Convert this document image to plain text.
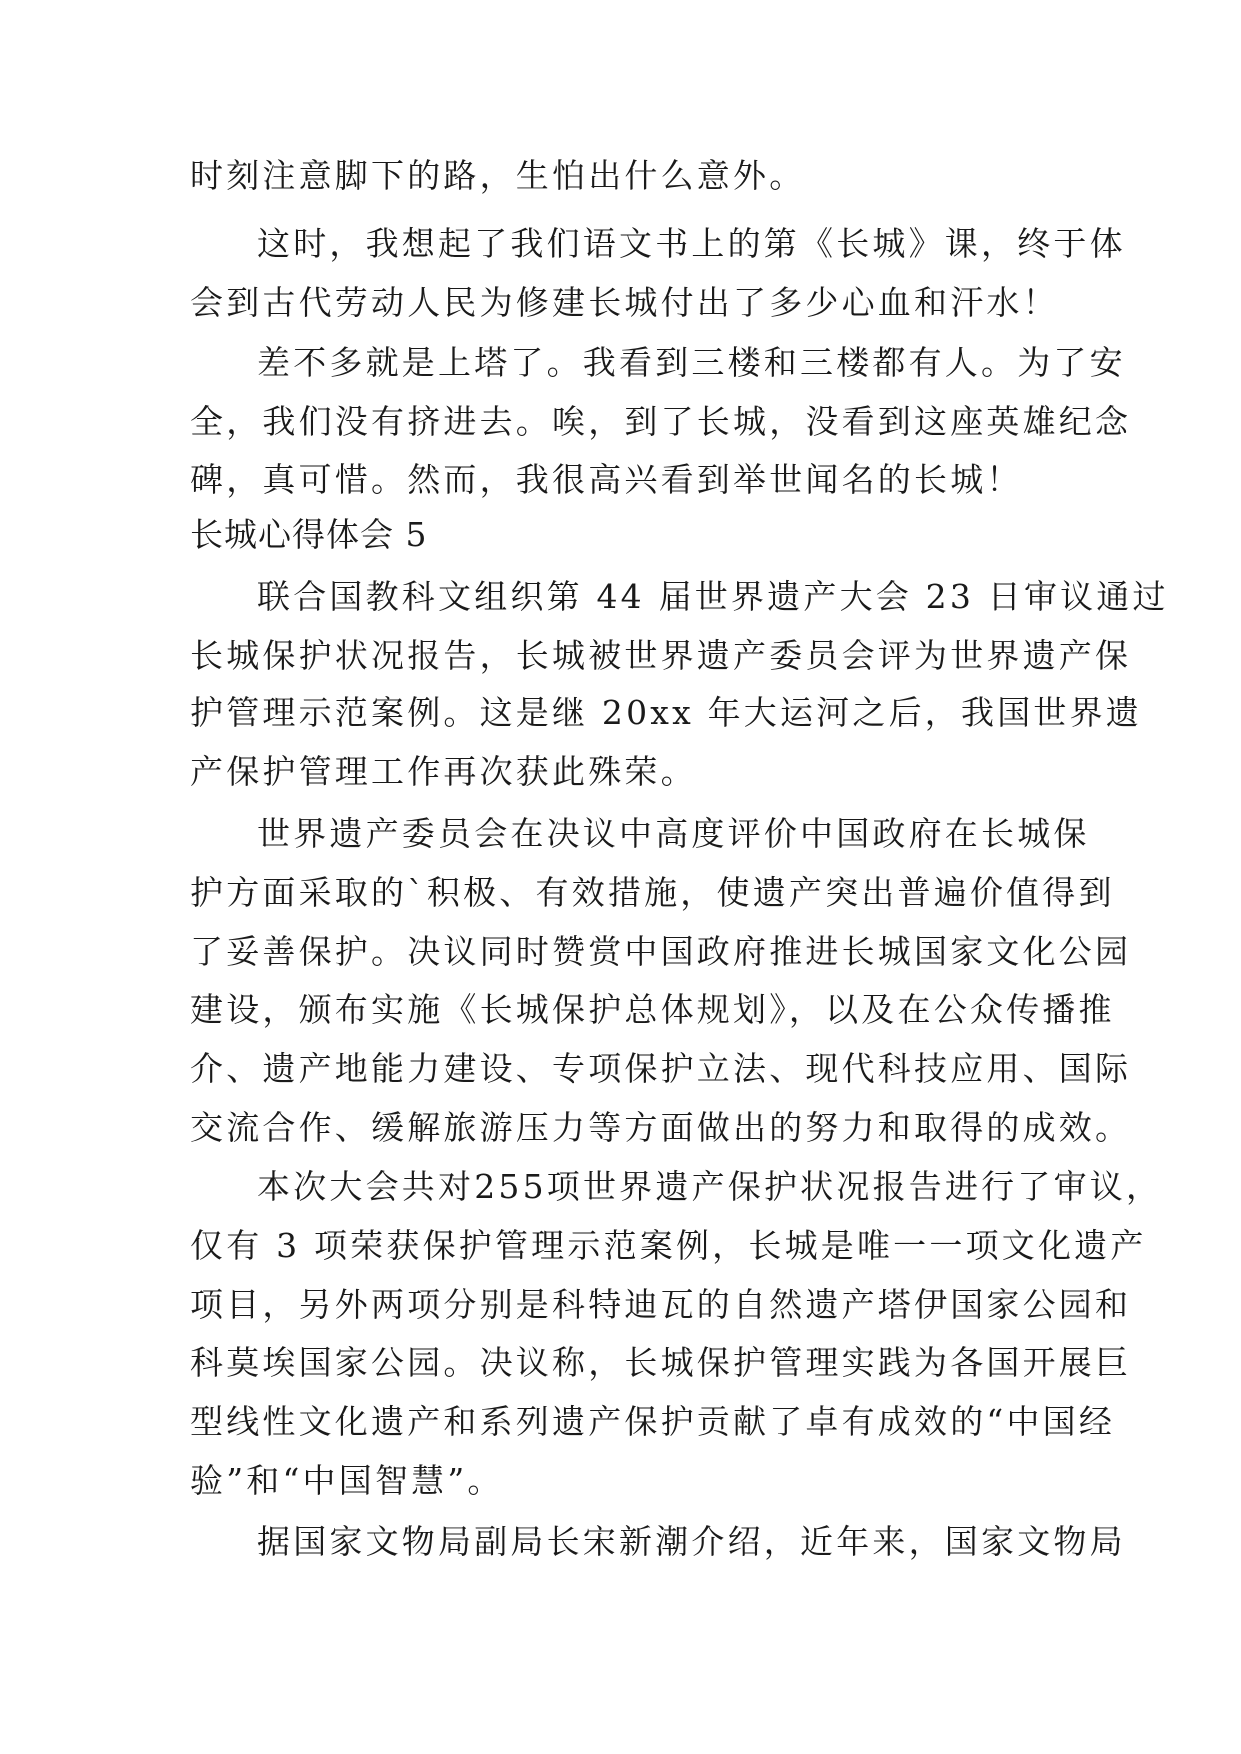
时刻注意脚下的路，生怕出什么意外。
这时，我想起了我们语文书上的第《长城》课，终于体
会到古代劳动人民为修建长城付出了多少心血和汗水！
差不多就是上塔了。我看到三楼和三楼都有人。为了安
全，我们没有挤进去。唉，到了长城，没看到这座英雄纪念
碑，真可惜。然而，我很高兴看到举世闻名的长城！
长城心得体会 5
联合国教科文组织第 44 届世界遗产大会 23 日审议通过
长城保护状况报告，长城被世界遗产委员会评为世界遗产保
护管理示范案例。这是继 20xx 年大运河之后，我国世界遗
产保护管理工作再次获此殊荣。
世界遗产委员会在决议中高度评价中国政府在长城保
护方面采取的`积极、有效措施，使遗产突出普遍价值得到
了妥善保护。决议同时赞赏中国政府推进长城国家文化公园
建设，颁布实施《长城保护总体规划》，以及在公众传播推
介、遗产地能力建设、专项保护立法、现代科技应用、国际
交流合作、缓解旅游压力等方面做出的努力和取得的成效。
本次大会共对255项世界遗产保护状况报告进行了审议，
仅有 3 项荣获保护管理示范案例，长城是唯一一项文化遗产
项目，另外两项分别是科特迪瓦的自然遗产塔伊国家公园和
科莫埃国家公园。决议称，长城保护管理实践为各国开展巨
型线性文化遗产和系列遗产保护贡献了卓有成效的“中国经
验”和“中国智慧”。
据国家文物局副局长宋新潮介绍，近年来，国家文物局
